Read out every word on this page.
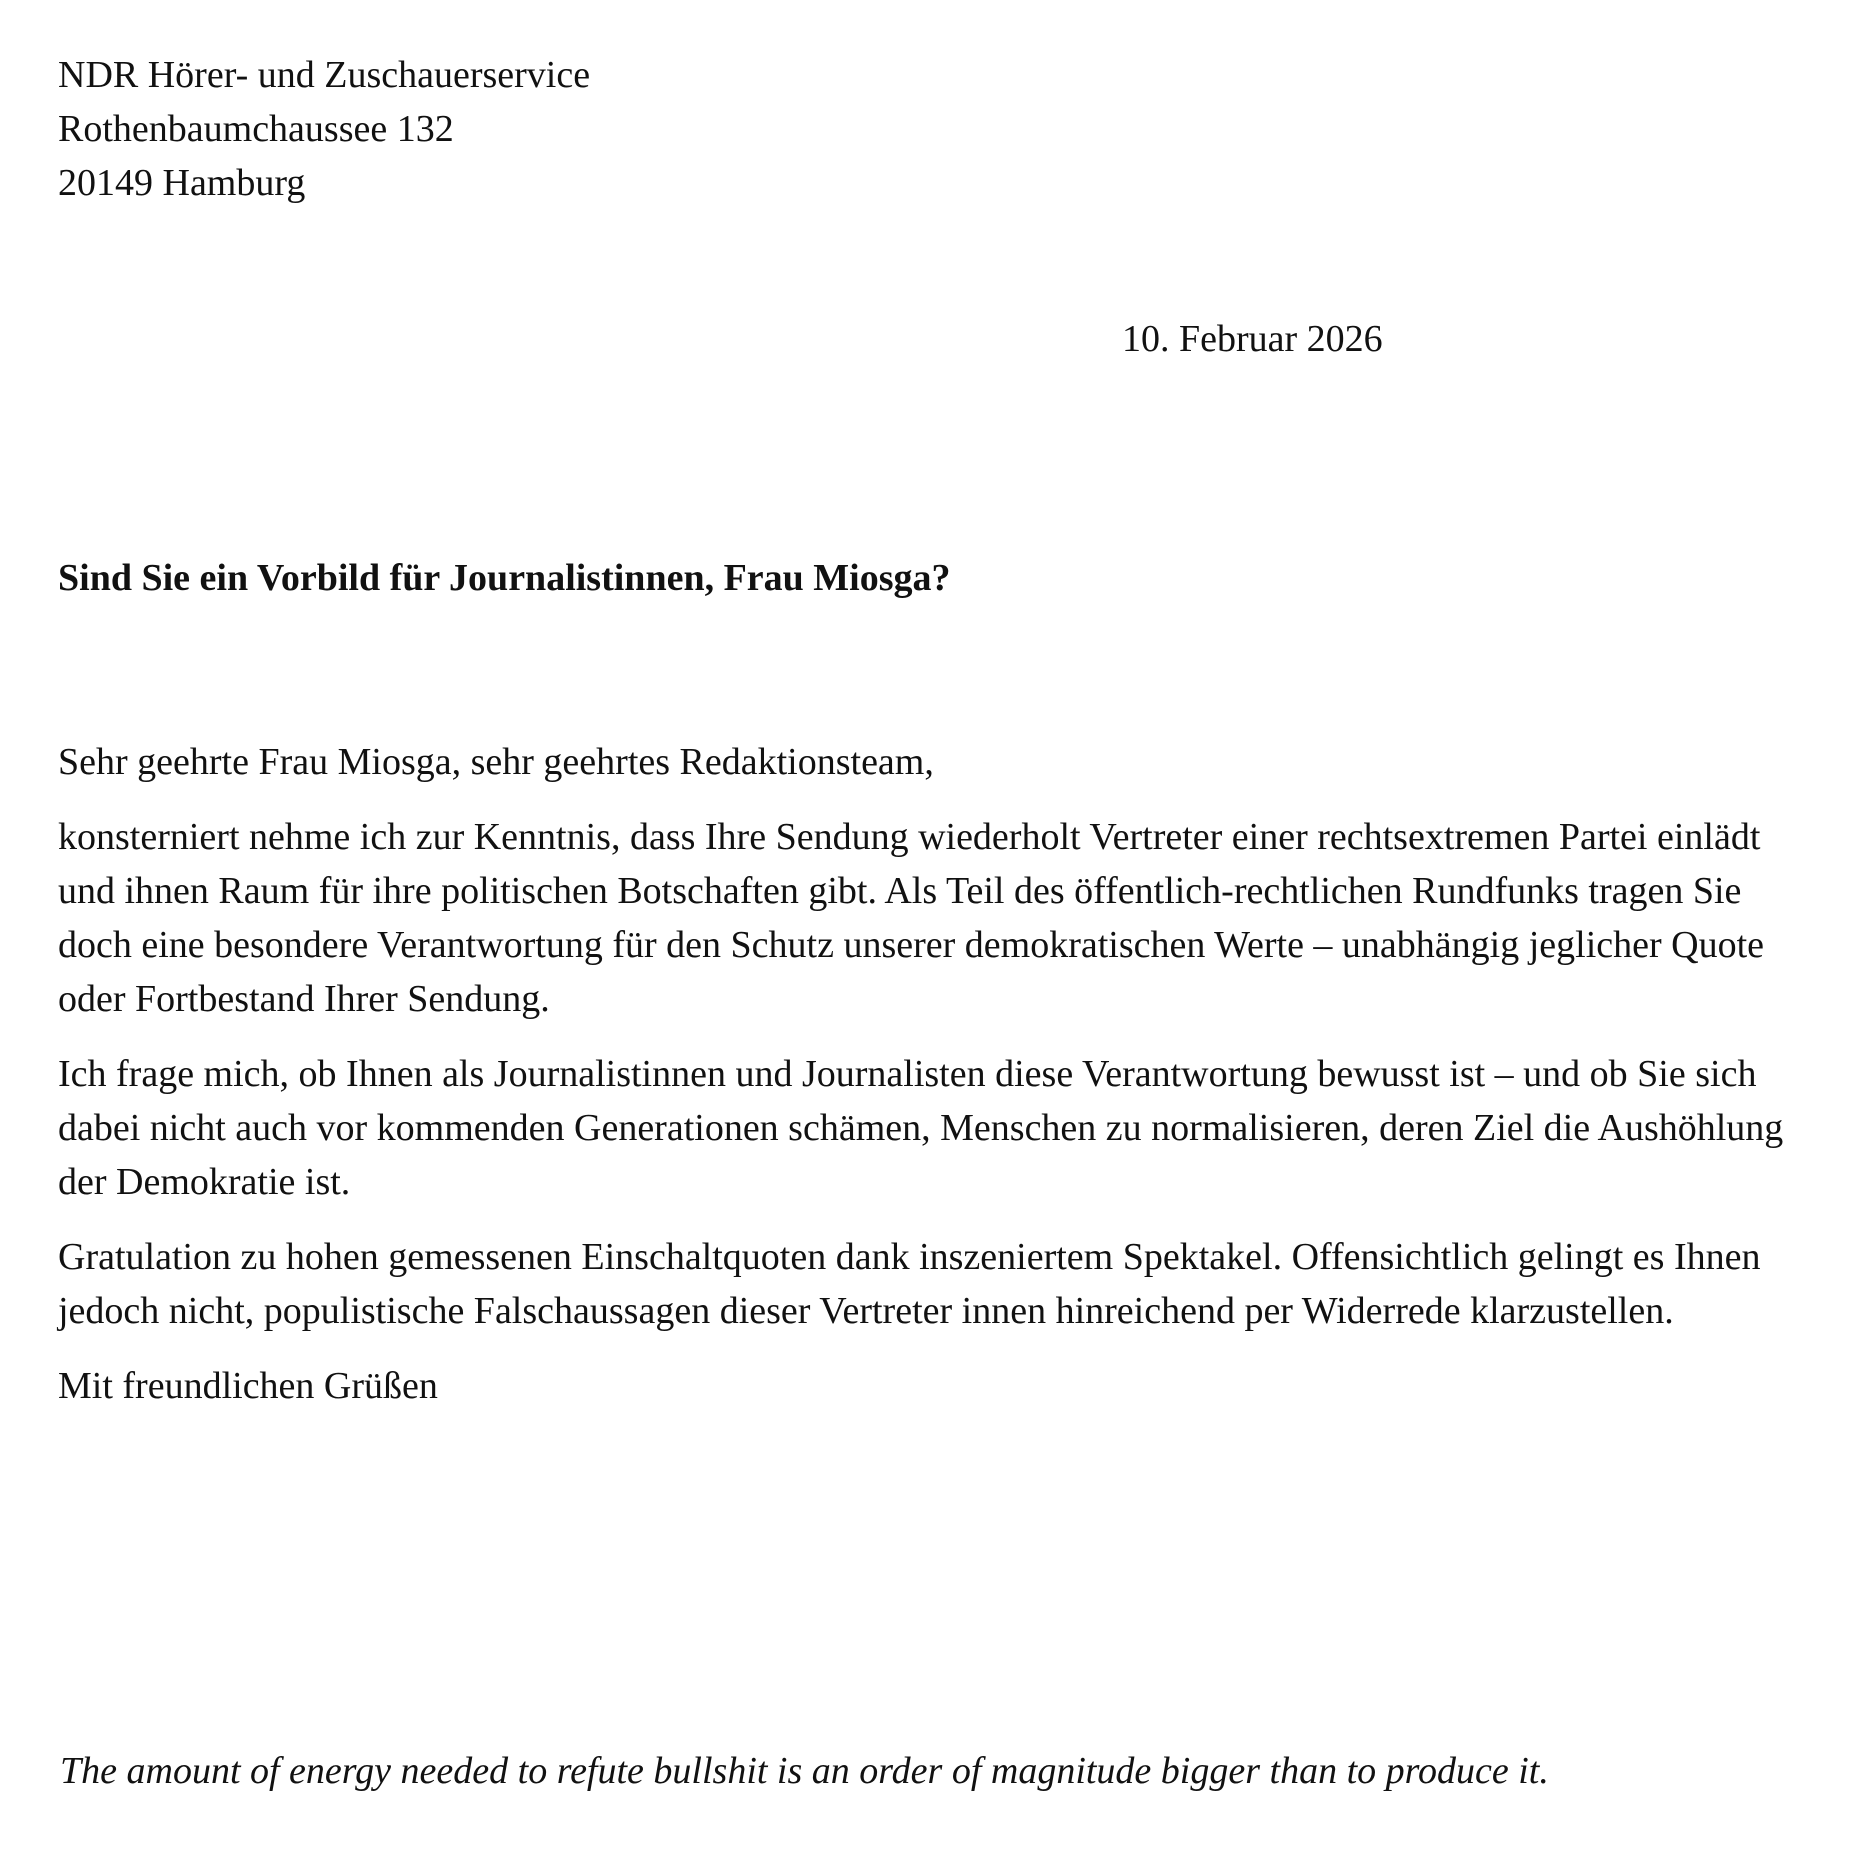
NDR Hörer- und Zuschauerservice
Rothenbaumchaussee 132
20149 Hamburg
10. Februar 2026
Sind Sie ein Vorbild für Journalistinnen, Frau Miosga?

Sehr geehrte Frau Miosga, sehr geehrtes Redaktionsteam,

konsterniert nehme ich zur Kenntnis, dass Ihre Sendung wiederholt Vertreter einer rechtsextremen Partei einlädt und ihnen Raum für ihre politischen Botschaften gibt. Als Teil des öffentlich-rechtlichen Rundfunks tragen Sie doch eine besondere Verantwortung für den Schutz unserer demokratischen Werte – unabhängig jeglicher Quote oder Fortbestand Ihrer Sendung.

Ich frage mich, ob Ihnen als Journalistinnen und Journalisten diese Verantwortung bewusst ist – und ob Sie sich dabei nicht auch vor kommenden Generationen schämen, Menschen zu normalisieren, deren Ziel die Aushöhlung der Demokratie ist.

Gratulation zu hohen gemessenen Einschaltquoten dank inszeniertem Spektakel. Offensichtlich gelingt es Ihnen jedoch nicht, populistische Falschaussagen dieser Vertreter innen hinreichend per Widerrede klarzustellen.

Mit freundlichen Grüßen

The amount of energy needed to refute bullshit is an order of magnitude bigger than to produce it.
